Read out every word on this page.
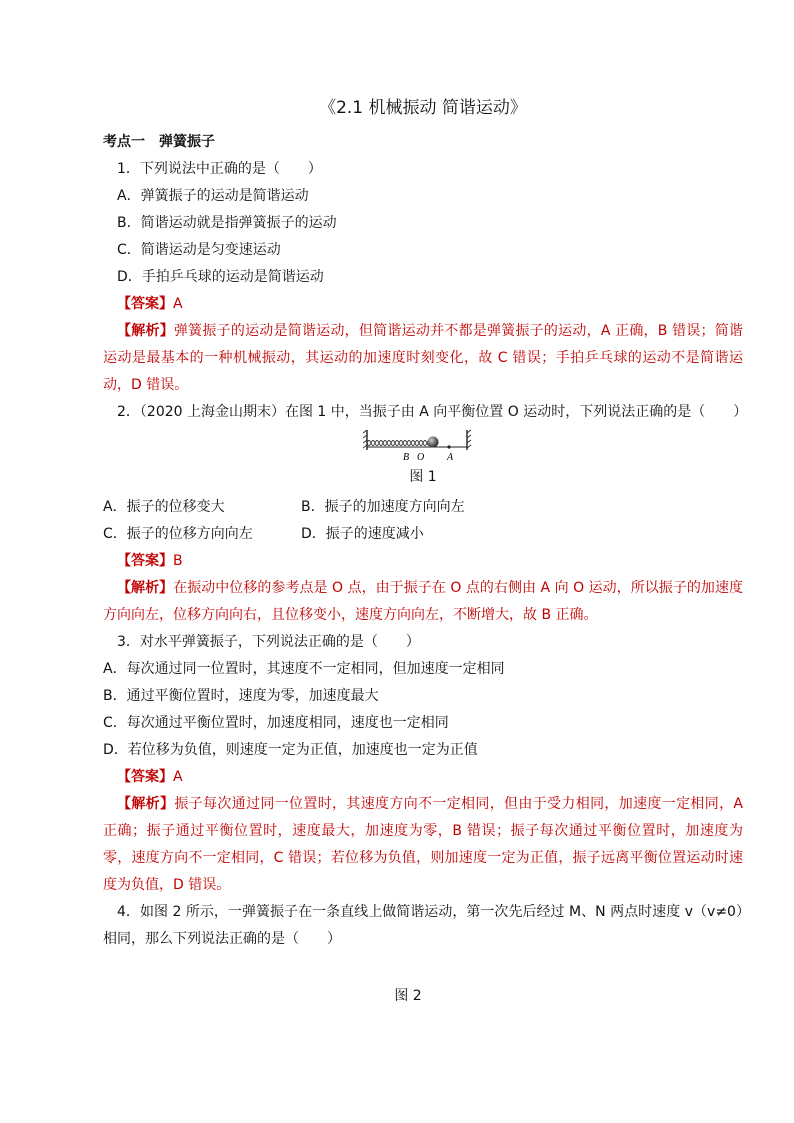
《2.1 机械振动 简谐运动》
考点一　弹簧振子
1．下列说法中正确的是（　　）
A．弹簧振子的运动是简谐运动
B．简谐运动就是指弹簧振子的运动
C．简谐运动是匀变速运动
D．手拍乒乓球的运动是简谐运动
【答案】A
【解析】弹簧振子的运动是简谐运动，但简谐运动并不都是弹簧振子的运动，A 正确，B 错误；简谐运动是最基本的一种机械振动，其运动的加速度时刻变化，故 C 错误；手拍乒乓球的运动不是简谐运动，D 错误。
2．（2020 上海金山期末）在图 1 中，当振子由 A 向平衡位置 O 运动时，下列说法正确的是（　　）
B O A
图 1
A．振子的位移变大	B．振子的加速度方向向左
C．振子的位移方向向左	D．振子的速度减小
【答案】B
【解析】在振动中位移的参考点是 O 点，由于振子在 O 点的右侧由 A 向 O 运动，所以振子的加速度方向向左，位移方向向右，且位移变小，速度方向向左，不断增大，故 B 正确。
3．对水平弹簧振子，下列说法正确的是（　　）
A．每次通过同一位置时，其速度不一定相同，但加速度一定相同
B．通过平衡位置时，速度为零，加速度最大
C．每次通过平衡位置时，加速度相同，速度也一定相同
D．若位移为负值，则速度一定为正值，加速度也一定为正值
【答案】A
【解析】振子每次通过同一位置时，其速度方向不一定相同，但由于受力相同，加速度一定相同，A 正确；振子通过平衡位置时，速度最大，加速度为零，B 错误；振子每次通过平衡位置时，加速度为零，速度方向不一定相同，C 错误；若位移为负值，则加速度一定为正值，振子远离平衡位置运动时速度为负值，D 错误。
4．如图 2 所示，一弹簧振子在一条直线上做简谐运动，第一次先后经过 M、N 两点时速度 v（v≠0）相同，那么下列说法正确的是（　　）
图 2
